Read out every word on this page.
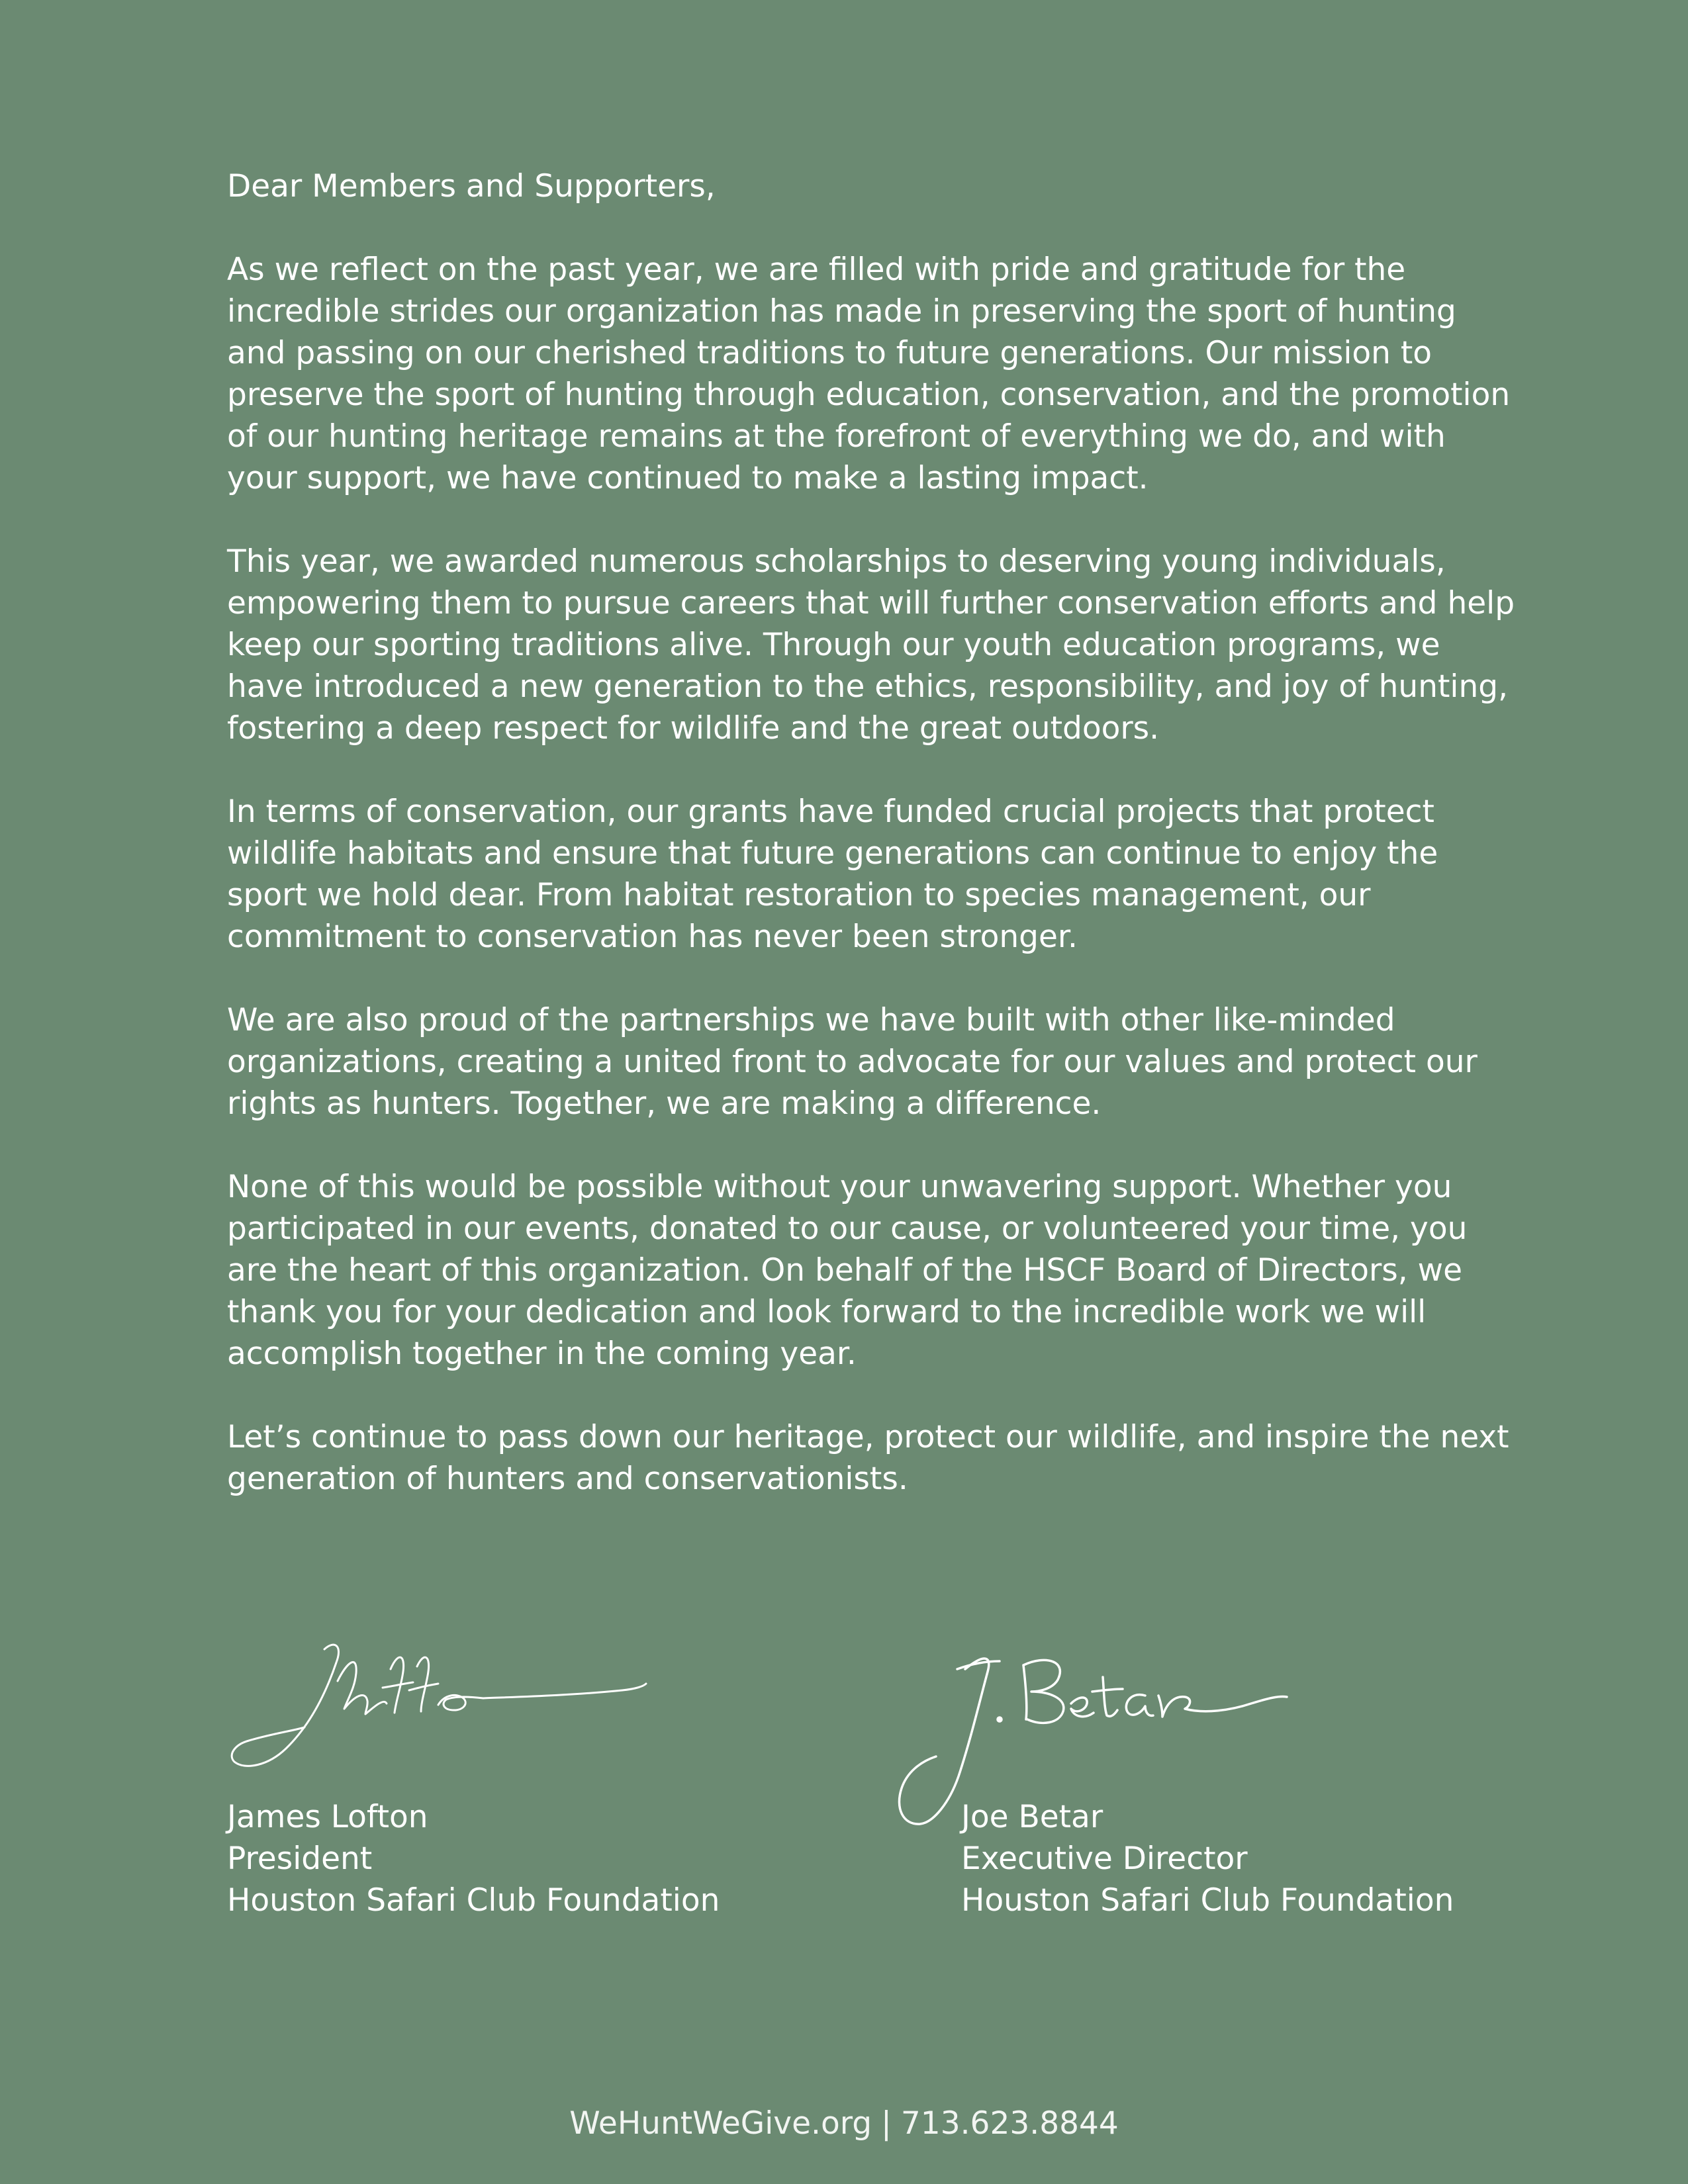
Dear Members and Supporters,

As we reflect on the past year, we are filled with pride and gratitude for the incredible strides our organization has made in preserving the sport of hunting and passing on our cherished traditions to future generations. Our mission to preserve the sport of hunting through education, conservation, and the promotion of our hunting heritage remains at the forefront of everything we do, and with your support, we have continued to make a lasting impact.

This year, we awarded numerous scholarships to deserving young individuals, empowering them to pursue careers that will further conservation efforts and help keep our sporting traditions alive. Through our youth education programs, we have introduced a new generation to the ethics, responsibility, and joy of hunting, fostering a deep respect for wildlife and the great outdoors.

In terms of conservation, our grants have funded crucial projects that protect wildlife habitats and ensure that future generations can continue to enjoy the sport we hold dear. From habitat restoration to species management, our commitment to conservation has never been stronger.

We are also proud of the partnerships we have built with other like-minded organizations, creating a united front to advocate for our values and protect our rights as hunters. Together, we are making a difference.

None of this would be possible without your unwavering support. Whether you participated in our events, donated to our cause, or volunteered your time, you are the heart of this organization. On behalf of the HSCF Board of Directors, we thank you for your dedication and look forward to the incredible work we will accomplish together in the coming year.

Let’s continue to pass down our heritage, protect our wildlife, and inspire the next generation of hunters and conservationists.

James Lofton
President
Houston Safari Club Foundation
Joe Betar
Executive Director
Houston Safari Club Foundation
WeHuntWeGive.org | 713.623.8844
